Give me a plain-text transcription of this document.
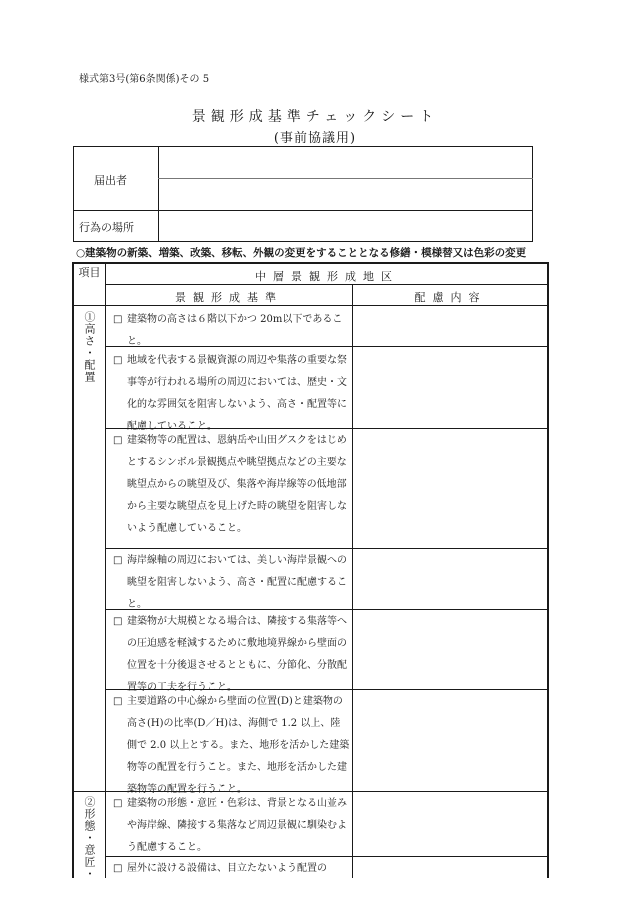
様式第3号(第6条関係)その 5
景観形成基準チェックシート
(事前協議用)
届出者
行為の場所
○建築物の新築、増築、改築、移転、外観の変更をすることとなる修繕・模様替又は色彩の変更
項目	中層景観形成地区
景観形成基準	配慮内容
①高さ・配置
②形態・意匠・
□ 建築物の高さは６階以下かつ 20m以下であること。
□ 地域を代表する景観資源の周辺や集落の重要な祭事等が行われる場所の周辺においては、歴史・文化的な雰囲気を阻害しないよう、高さ・配置等に配慮していること。
□ 建築物等の配置は、恩納岳や山田グスクをはじめとするシンボル景観拠点や眺望拠点などの主要な眺望点からの眺望及び、集落や海岸線等の低地部から主要な眺望点を見上げた時の眺望を阻害しないよう配慮していること。
□ 海岸線軸の周辺においては、美しい海岸景観への眺望を阻害しないよう、高さ・配置に配慮すること。
□ 建築物が大規模となる場合は、隣接する集落等への圧迫感を軽減するために敷地境界線から壁面の位置を十分後退させるとともに、分節化、分散配置等の工夫を行うこと。
□ 主要道路の中心線から壁面の位置(D)と建築物の高さ(H)の比率(D／H)は、海側で 1.2 以上、陸側で 2.0 以上とする。また、地形を活かした建築物等の配置を行うこと。また、地形を活かした建築物等の配置を行うこと。
□ 建築物の形態・意匠・色彩は、背景となる山並みや海岸線、隣接する集落など周辺景観に馴染むよう配慮すること。
□ 屋外に設ける設備は、目立たないよう配置の
